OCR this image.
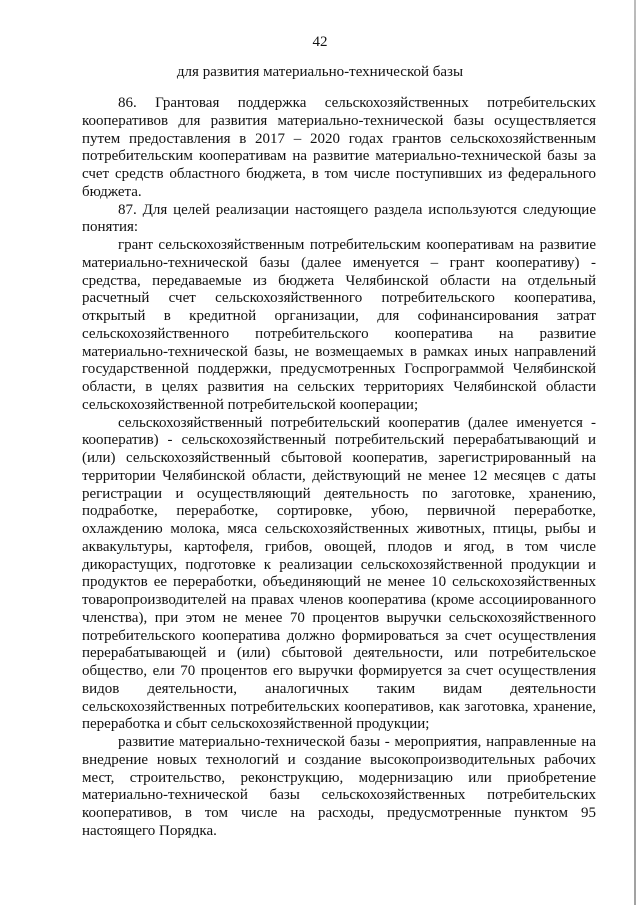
42
для развития материально-технической базы

86. Грантовая поддержка сельскохозяйственных потребительских кооперативов для развития материально-технической базы осуществляется путем предоставления в 2017 – 2020 годах грантов сельскохозяйственным потребительским кооперативам на развитие материально-технической базы за счет средств областного бюджета, в том числе поступивших из федерального бюджета.

87. Для целей реализации настоящего раздела используются следующие понятия:

грант сельскохозяйственным потребительским кооперативам на развитие материально-технической базы (далее именуется – грант кооперативу) - средства, передаваемые из бюджета Челябинской области на отдельный расчетный счет сельскохозяйственного потребительского кооператива, открытый в кредитной организации, для софинансирования затрат сельскохозяйственного потребительского кооператива на развитие материально-технической базы, не возмещаемых в рамках иных направлений государственной поддержки, предусмотренных Госпрограммой Челябинской области, в целях развития на сельских территориях Челябинской области сельскохозяйственной потребительской кооперации;

сельскохозяйственный потребительский кооператив (далее именуется - кооператив) - сельскохозяйственный потребительский перерабатывающий и (или) сельскохозяйственный сбытовой кооператив, зарегистрированный на территории Челябинской области, действующий не менее 12 месяцев с даты регистрации и осуществляющий деятельность по заготовке, хранению, подработке, переработке, сортировке, убою, первичной переработке, охлаждению молока, мяса сельскохозяйственных животных, птицы, рыбы и аквакультуры, картофеля, грибов, овощей, плодов и ягод, в том числе дикорастущих, подготовке к реализации сельскохозяйственной продукции и продуктов ее переработки, объединяющий не менее 10 сельскохозяйственных товаропроизводителей на правах членов кооператива (кроме ассоциированного членства), при этом не менее 70 процентов выручки сельскохозяйственного потребительского кооператива должно формироваться за счет осуществления перерабатывающей и (или) сбытовой деятельности, или потребительское общество, ели 70 процентов его выручки формируется за счет осуществления видов деятельности, аналогичных таким видам деятельности сельскохозяйственных потребительских кооперативов, как заготовка, хранение, переработка и сбыт сельскохозяйственной продукции;

развитие материально-технической базы - мероприятия, направленные на внедрение новых технологий и создание высокопроизводительных рабочих мест, строительство, реконструкцию, модернизацию или приобретение материально-технической базы сельскохозяйственных потребительских кооперативов, в том числе на расходы, предусмотренные пунктом 95 настоящего Порядка.
